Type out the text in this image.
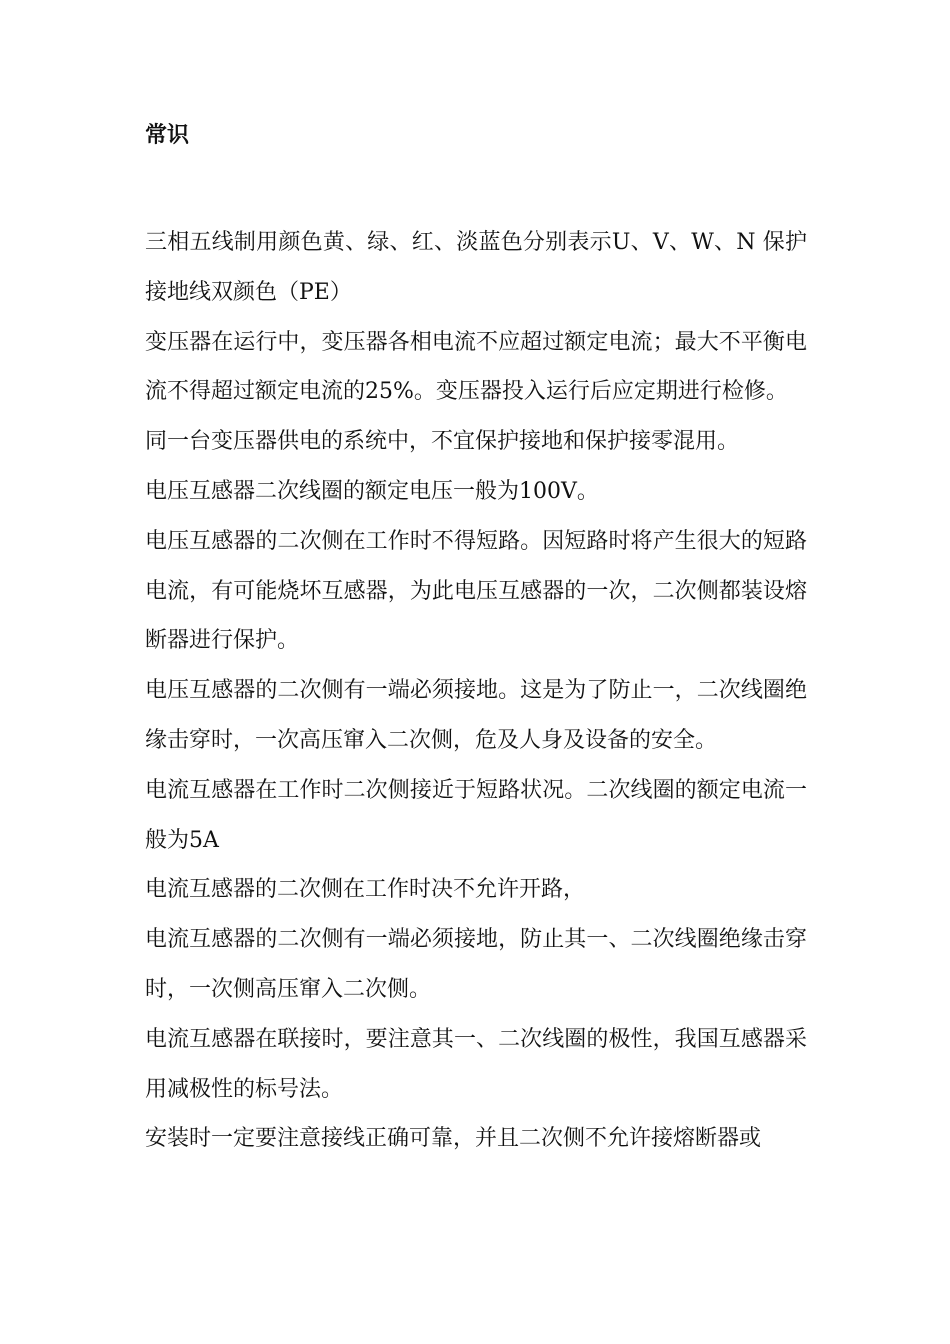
常识

三相五线制用颜色黄、绿、红、淡蓝色分别表示U、V、W、N 保护接地线双颜色（PE）

变压器在运行中，变压器各相电流不应超过额定电流；最大不平衡电流不得超过额定电流的25%。变压器投入运行后应定期进行检修。

同一台变压器供电的系统中，不宜保护接地和保护接零混用。

电压互感器二次线圈的额定电压一般为100V。

电压互感器的二次侧在工作时不得短路。因短路时将产生很大的短路电流，有可能烧坏互感器，为此电压互感器的一次，二次侧都装设熔断器进行保护。

电压互感器的二次侧有一端必须接地。这是为了防止一，二次线圈绝缘击穿时，一次高压窜入二次侧，危及人身及设备的安全。

电流互感器在工作时二次侧接近于短路状况。二次线圈的额定电流一般为5A

电流互感器的二次侧在工作时决不允许开路，

电流互感器的二次侧有一端必须接地，防止其一、二次线圈绝缘击穿时，一次侧高压窜入二次侧。

电流互感器在联接时，要注意其一、二次线圈的极性，我国互感器采用减极性的标号法。

安装时一定要注意接线正确可靠，并且二次侧不允许接熔断器或
